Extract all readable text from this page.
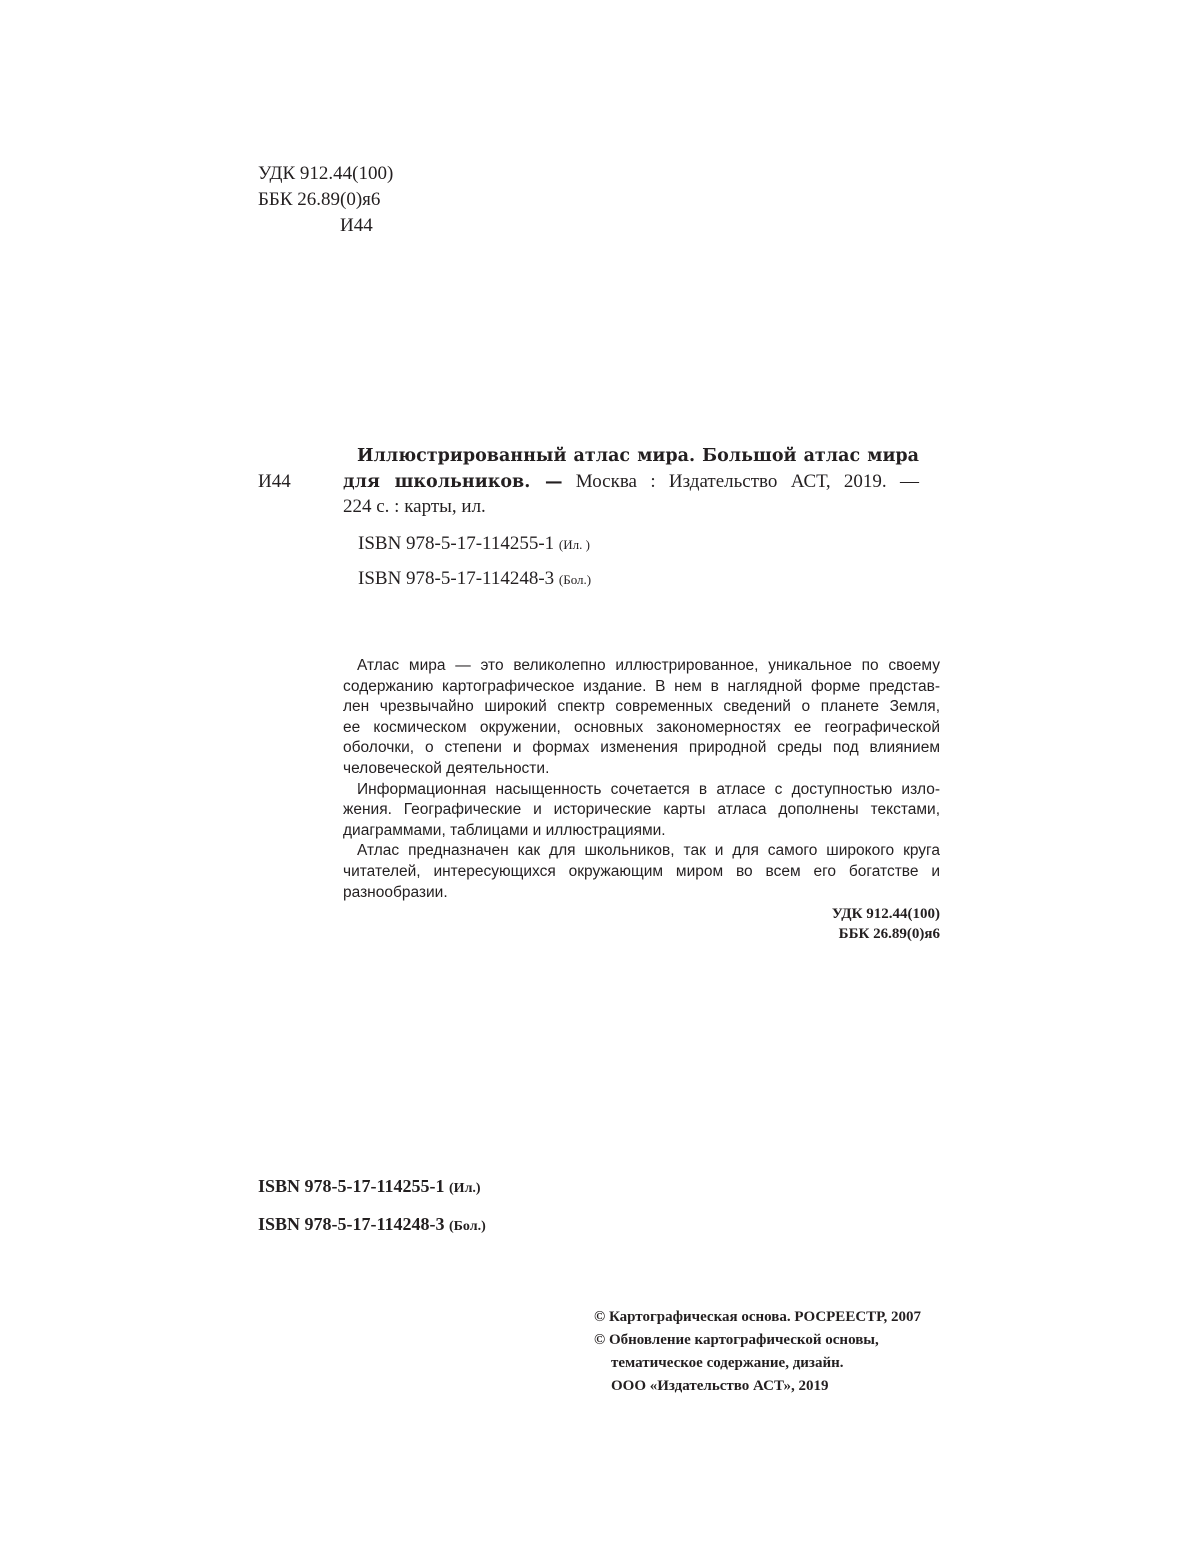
УДК 912.44(100)
ББК 26.89(0)я6
И44
Иллюстрированный атлас мира. Большой атлас мира
И44	для школьников. — Москва : Издательство АСТ, 2019. —
224 с. : карты, ил.
ISBN 978-5-17-114255-1 (Ил. )
ISBN 978-5-17-114248-3 (Бол.)
Атлас мира — это великолепно иллюстрированное, уникальное по своему
содержанию картографическое издание. В нем в наглядной форме представ-
лен чрезвычайно широкий спектр современных сведений о планете Земля,
ее космическом окружении, основных закономерностях ее географической
оболочки, о степени и формах изменения природной среды под влиянием
человеческой деятельности.
Информационная насыщенность сочетается в атласе с доступностью изло-
жения. Географические и исторические карты атласа дополнены текстами,
диаграммами, таблицами и иллюстрациями.
Атлас предназначен как для школьников, так и для самого широкого круга
читателей, интересующихся окружающим миром во всем его богатстве и
разнообразии.
УДК 912.44(100)
ББК 26.89(0)я6
ISBN 978-5-17-114255-1 (Ил.)
ISBN 978-5-17-114248-3 (Бол.)
© Картографическая основа. РОСРЕЕСТР, 2007
© Обновление картографической основы,
тематическое содержание, дизайн.
ООО «Издательство АСТ», 2019
